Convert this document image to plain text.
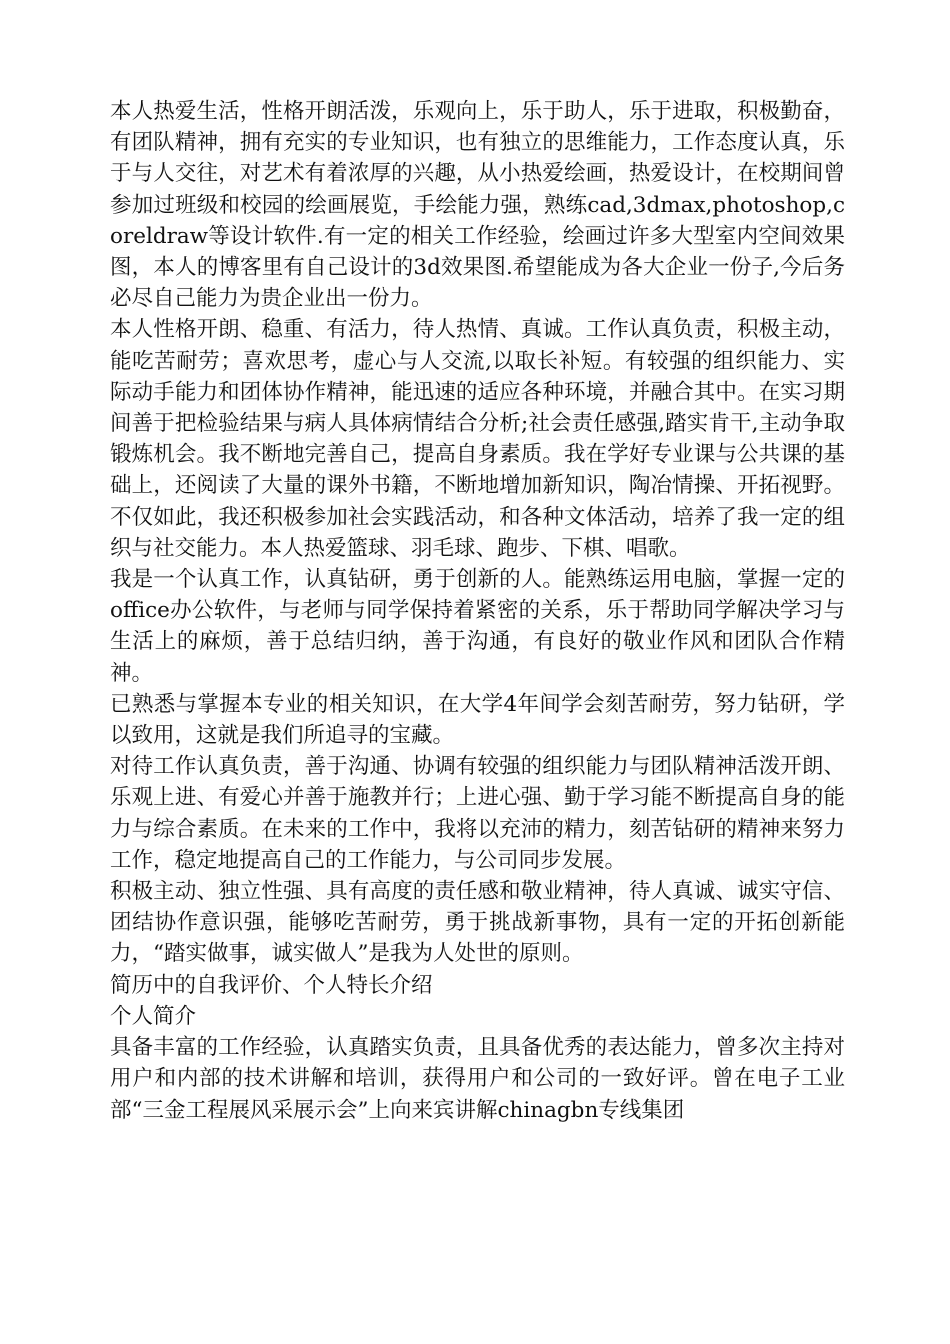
本人热爱生活，性格开朗活泼，乐观向上，乐于助人，乐于进取，积极勤奋，有团队精神，拥有充实的专业知识，也有独立的思维能力，工作态度认真，乐于与人交往，对艺术有着浓厚的兴趣，从小热爱绘画，热爱设计，在校期间曾参加过班级和校园的绘画展览，手绘能力强，熟练cad,3dmax,photoshop,coreldraw等设计软件.有一定的相关工作经验，绘画过许多大型室内空间效果图，本人的博客里有自己设计的3d效果图.希望能成为各大企业一份子,今后务必尽自己能力为贵企业出一份力。

本人性格开朗、稳重、有活力，待人热情、真诚。工作认真负责，积极主动，能吃苦耐劳；喜欢思考，虚心与人交流,以取长补短。有较强的组织能力、实际动手能力和团体协作精神，能迅速的适应各种环境，并融合其中。在实习期间善于把检验结果与病人具体病情结合分析;社会责任感强,踏实肯干,主动争取锻炼机会。我不断地完善自己，提高自身素质。我在学好专业课与公共课的基础上，还阅读了大量的课外书籍，不断地增加新知识，陶冶情操、开拓视野。不仅如此，我还积极参加社会实践活动，和各种文体活动，培养了我一定的组织与社交能力。本人热爱篮球、羽毛球、跑步、下棋、唱歌。

我是一个认真工作，认真钻研，勇于创新的人。能熟练运用电脑，掌握一定的office办公软件，与老师与同学保持着紧密的关系，乐于帮助同学解决学习与生活上的麻烦，善于总结归纳，善于沟通，有良好的敬业作风和团队合作精神。

已熟悉与掌握本专业的相关知识，在大学4年间学会刻苦耐劳，努力钻研，学以致用，这就是我们所追寻的宝藏。

对待工作认真负责，善于沟通、协调有较强的组织能力与团队精神活泼开朗、乐观上进、有爱心并善于施教并行；上进心强、勤于学习能不断提高自身的能力与综合素质。在未来的工作中，我将以充沛的精力，刻苦钻研的精神来努力工作，稳定地提高自己的工作能力，与公司同步发展。

积极主动、独立性强、具有高度的责任感和敬业精神，待人真诚、诚实守信、团结协作意识强，能够吃苦耐劳，勇于挑战新事物，具有一定的开拓创新能力，“踏实做事，诚实做人”是我为人处世的原则。

简历中的自我评价、个人特长介绍

个人简介

具备丰富的工作经验，认真踏实负责，且具备优秀的表达能力，曾多次主持对用户和内部的技术讲解和培训，获得用户和公司的一致好评。曾在电子工业部“三金工程展风采展示会”上向来宾讲解chinagbn专线集团
